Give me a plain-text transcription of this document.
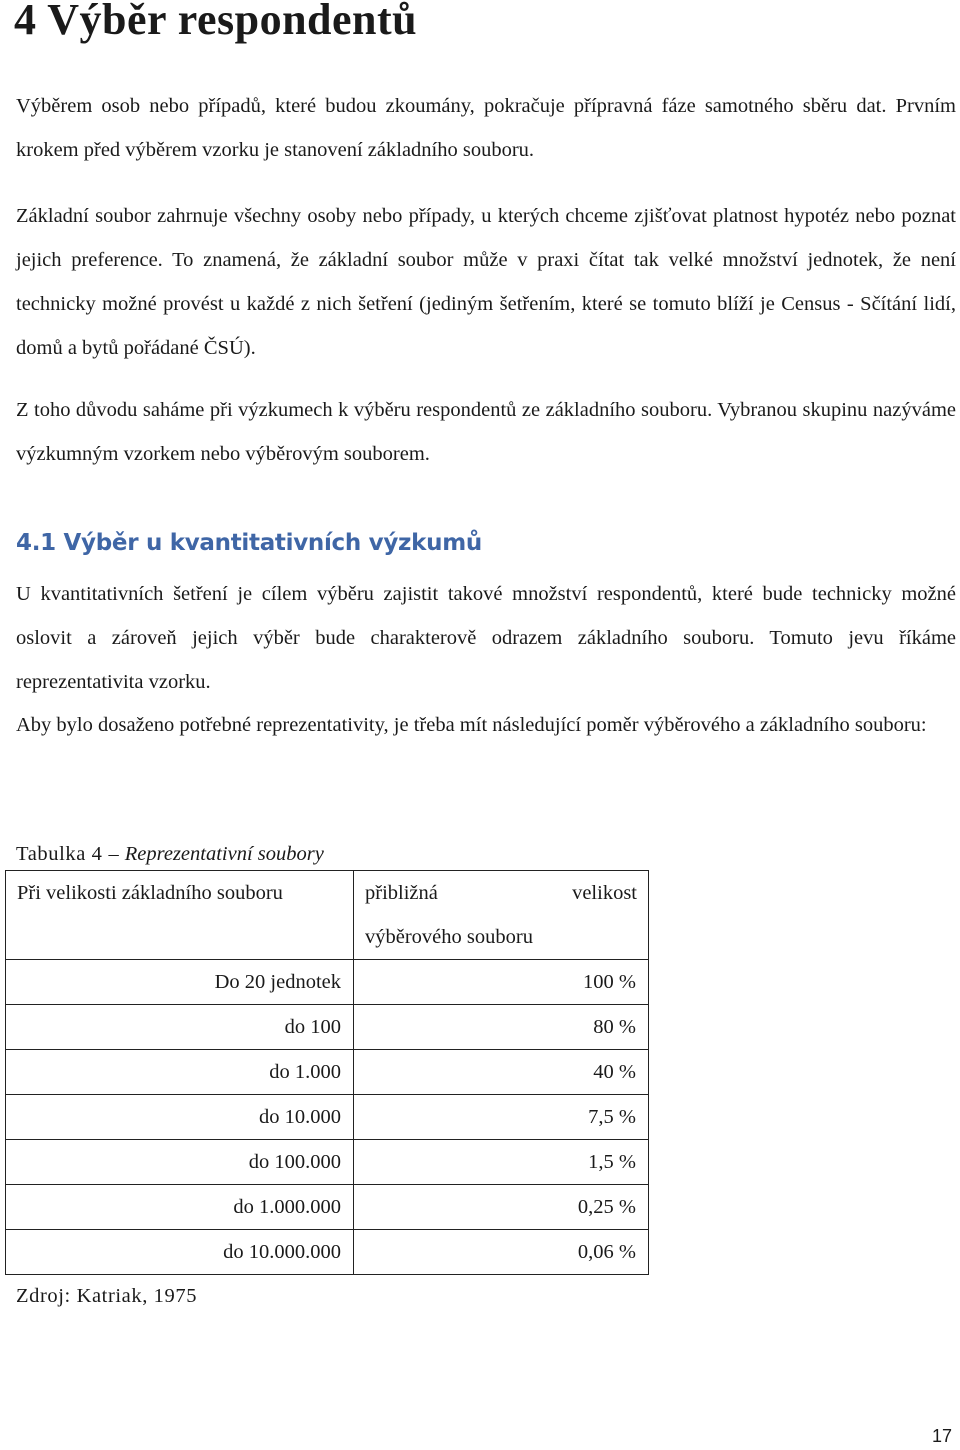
4 Výběr respondentů

Výběrem osob nebo případů, které budou zkoumány, pokračuje přípravná fáze samotného sběru dat. Prvním krokem před výběrem vzorku je stanovení základního souboru.

Základní soubor zahrnuje všechny osoby nebo případy, u kterých chceme zjišťovat platnost hypotéz nebo poznat jejich preference. To znamená, že základní soubor může v praxi čítat tak velké množství jednotek, že není technicky možné provést u každé z nich šetření (jediným šetřením, které se tomuto blíží je Census - Sčítání lidí, domů a bytů pořádané ČSÚ).

Z toho důvodu saháme při výzkumech k výběru respondentů ze základního souboru. Vybranou skupinu nazýváme výzkumným vzorkem nebo výběrovým souborem.

4.1 Výběr u kvantitativních výzkumů

U kvantitativních šetření je cílem výběru zajistit takové množství respondentů, které bude technicky možné oslovit a zároveň jejich výběr bude charakterově odrazem základního souboru. Tomuto jevu říkáme reprezentativita vzorku.

Aby bylo dosaženo potřebné reprezentativity, je třeba mít následující poměr výběrového a základního souboru:

Tabulka 4 – Reprezentativní soubory
Při velikosti základního souboru	přibližná velikost
výběrového souboru

Do 20 jednotek	100 %
do 100	80 %
do 1.000	40 %
do 10.000	7,5 %
do 100.000	1,5 %
do 1.000.000	0,25 %
do 10.000.000	0,06 %
Zdroj: Katriak, 1975
17
